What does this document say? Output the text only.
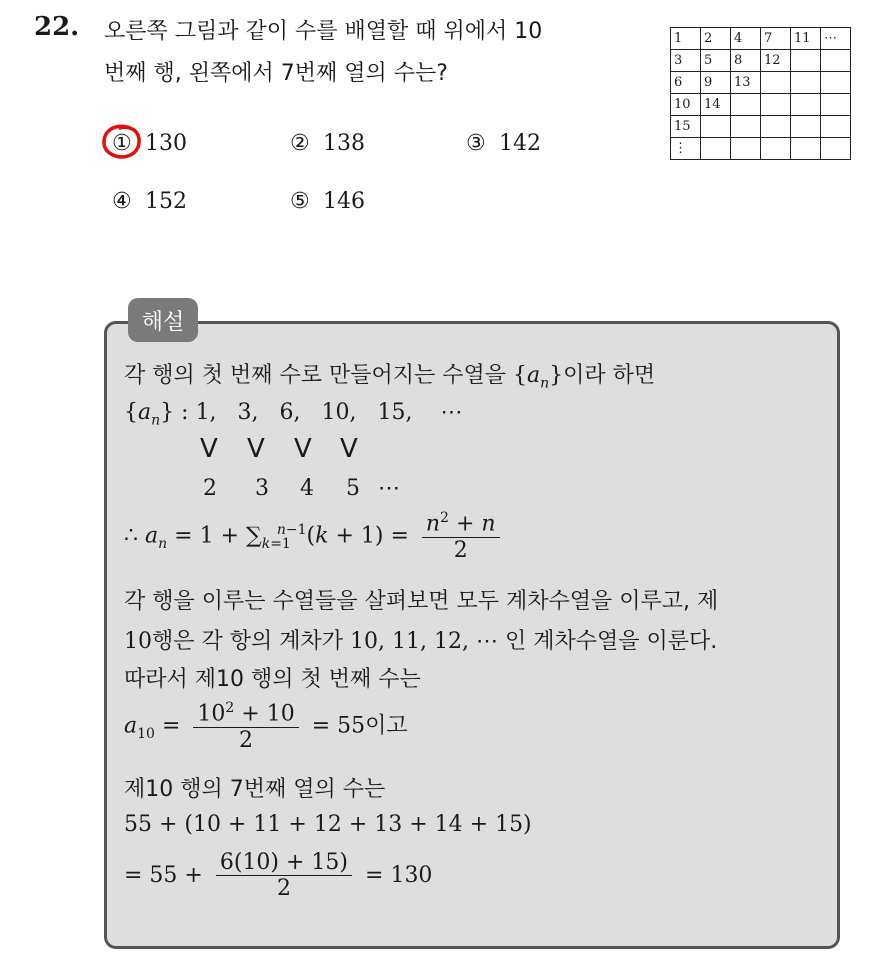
22. 오른쪽 그림과 같이 수를 배열할 때 위에서 10
번째 행, 왼쪽에서 7번째 열의 수는?
① 130	② 138	③ 142
④ 152	⑤ 146
1	2	4	7	11	⋯
3	5	8	12		
6	9	13			
10	14				
15					
⋮					
해설
각 행의 첫 번째 수로 만들어지는 수열을 $\{a_n\}$이라 하면
$\{a_n\}$ : 1, 3, 6, 10, 15, ⋯
V V V V
2 3 4 5 ⋯
∴ $a_n = 1 + \sum_{k=1}^{n-1}(k + 1) = \frac{n^2 + n}{2}$
각 행을 이루는 수열들을 살펴보면 모두 계차수열을 이루고, 제
10행은 각 항의 계차가 10, 11, 12, ⋯ 인 계차수열을 이룬다.
따라서 제10 행의 첫 번째 수는
$a_{10} = \frac{10^2 + 10}{2} = 55$이고
제10 행의 7번째 열의 수는
55 + (10 + 11 + 12 + 13 + 14 + 15)
= $55 + \frac{6(10) + 15)}{2} = 130$
